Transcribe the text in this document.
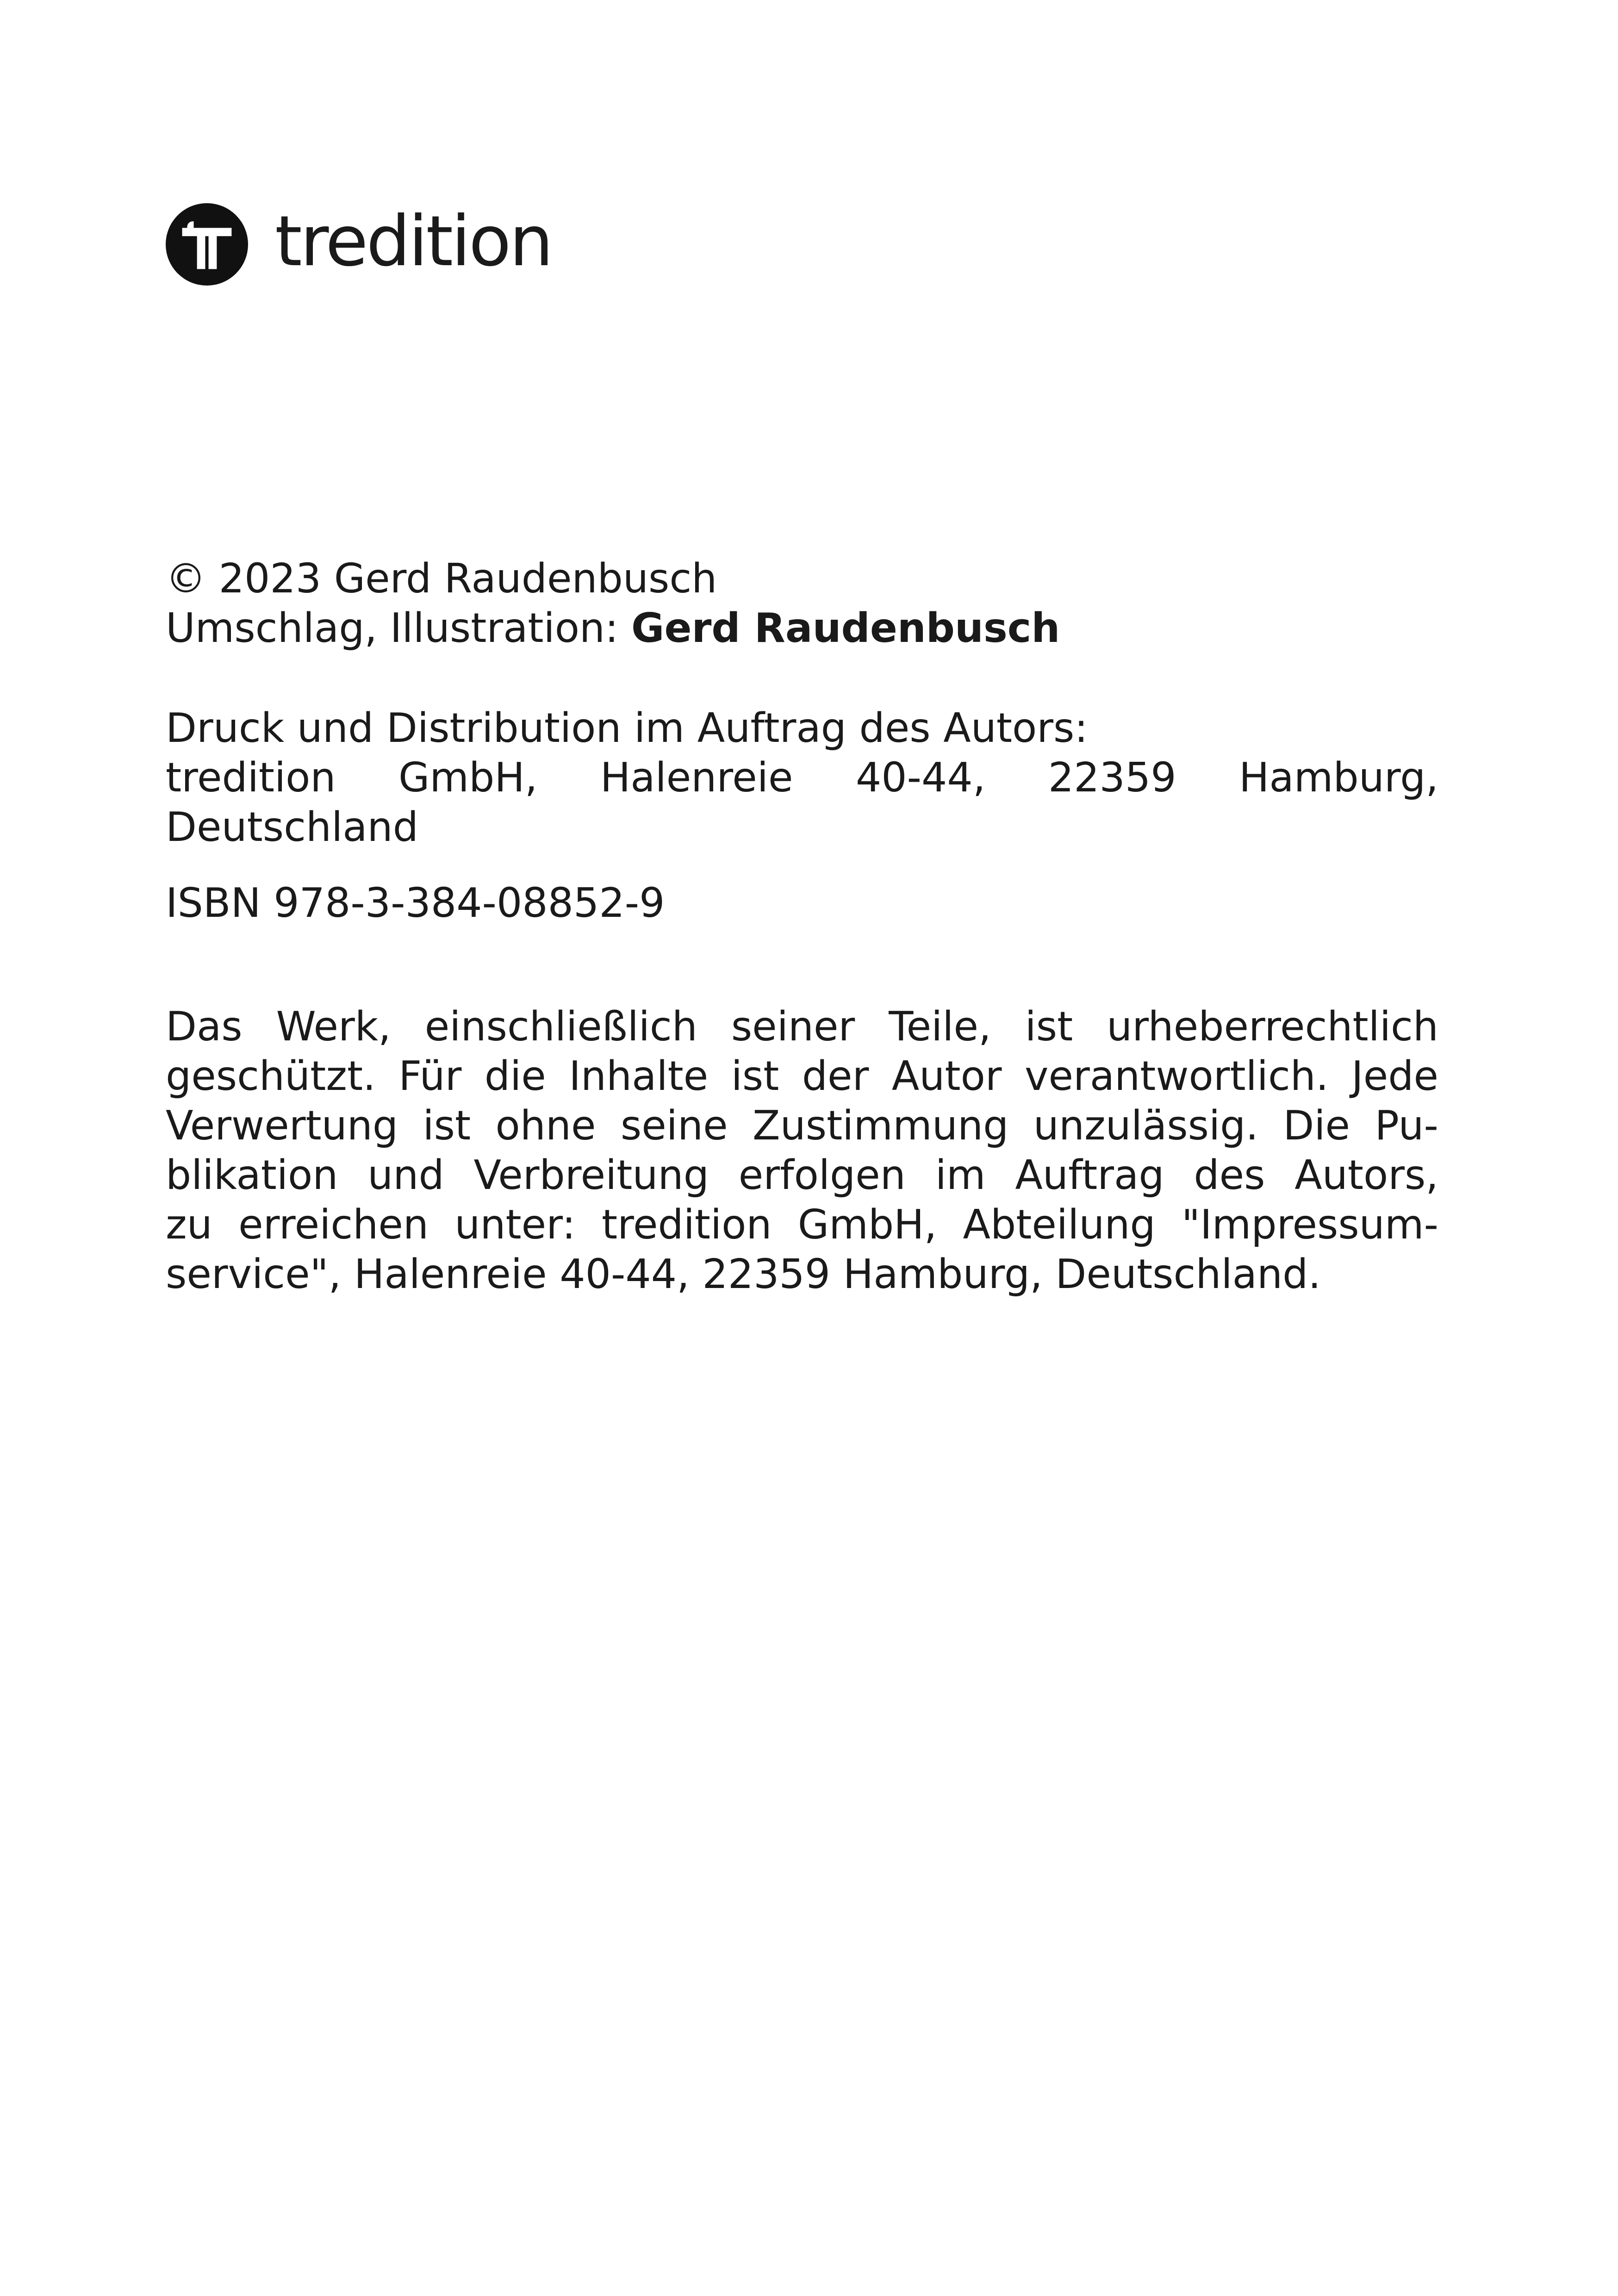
tredition
© 2023 Gerd Raudenbusch
Umschlag, Illustration: Gerd Raudenbusch
Druck und Distribution im Auftrag des Autors:
tredition GmbH, Halenreie 40-44, 22359 Hamburg,
Deutschland
ISBN 978-3-384-08852-9
Das Werk, einschließlich seiner Teile, ist urheberrechtlich
geschützt. Für die Inhalte ist der Autor verantwortlich. Jede
Verwertung ist ohne seine Zustimmung unzulässig. Die Pu-
blikation und Verbreitung erfolgen im Auftrag des Autors,
zu erreichen unter: tredition GmbH, Abteilung "Impressum-
service", Halenreie 40-44, 22359 Hamburg, Deutschland.
